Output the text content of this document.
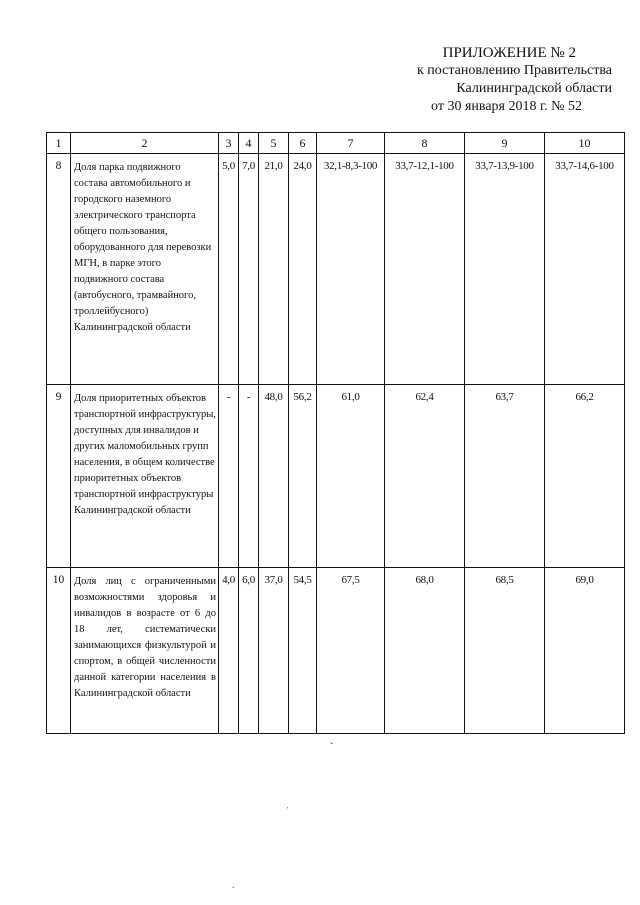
ПРИЛОЖЕНИЕ № 2
к постановлению Правительства
Калининградской области
от 30 января 2018 г. № 52
1	2	3	4	5	6	7	8	9	10
8	Доля парка подвижного состава автомобильного и городского наземного электрического транспорта общего пользования, оборудованного для перевозки МГН, в парке этого подвижного состава (автобусного, трамвайного, троллейбусного) Калининградской области	5,0	7,0	21,0	24,0	32,1-8,3-100	33,7-12,1-100	33,7-13,9-100	33,7-14,6-100
9	Доля приоритетных объектов транспортной инфраструктуры, доступных для инвалидов и других маломобильных групп населения, в общем количестве приоритетных объектов транспортной инфраструктуры Калининградской области	-	-	48,0	56,2	61,0	62,4	63,7	66,2
10	Доля лиц с ограниченными возможностями здоровья и инвалидов в возрасте от 6 до 18 лет, систематически занимающихся физкультурой и спортом, в общей численности данной категории населения в Калининградской области	4,0	6,0	37,0	54,5	67,5	68,0	68,5	69,0
ˇ
ˈ
.
